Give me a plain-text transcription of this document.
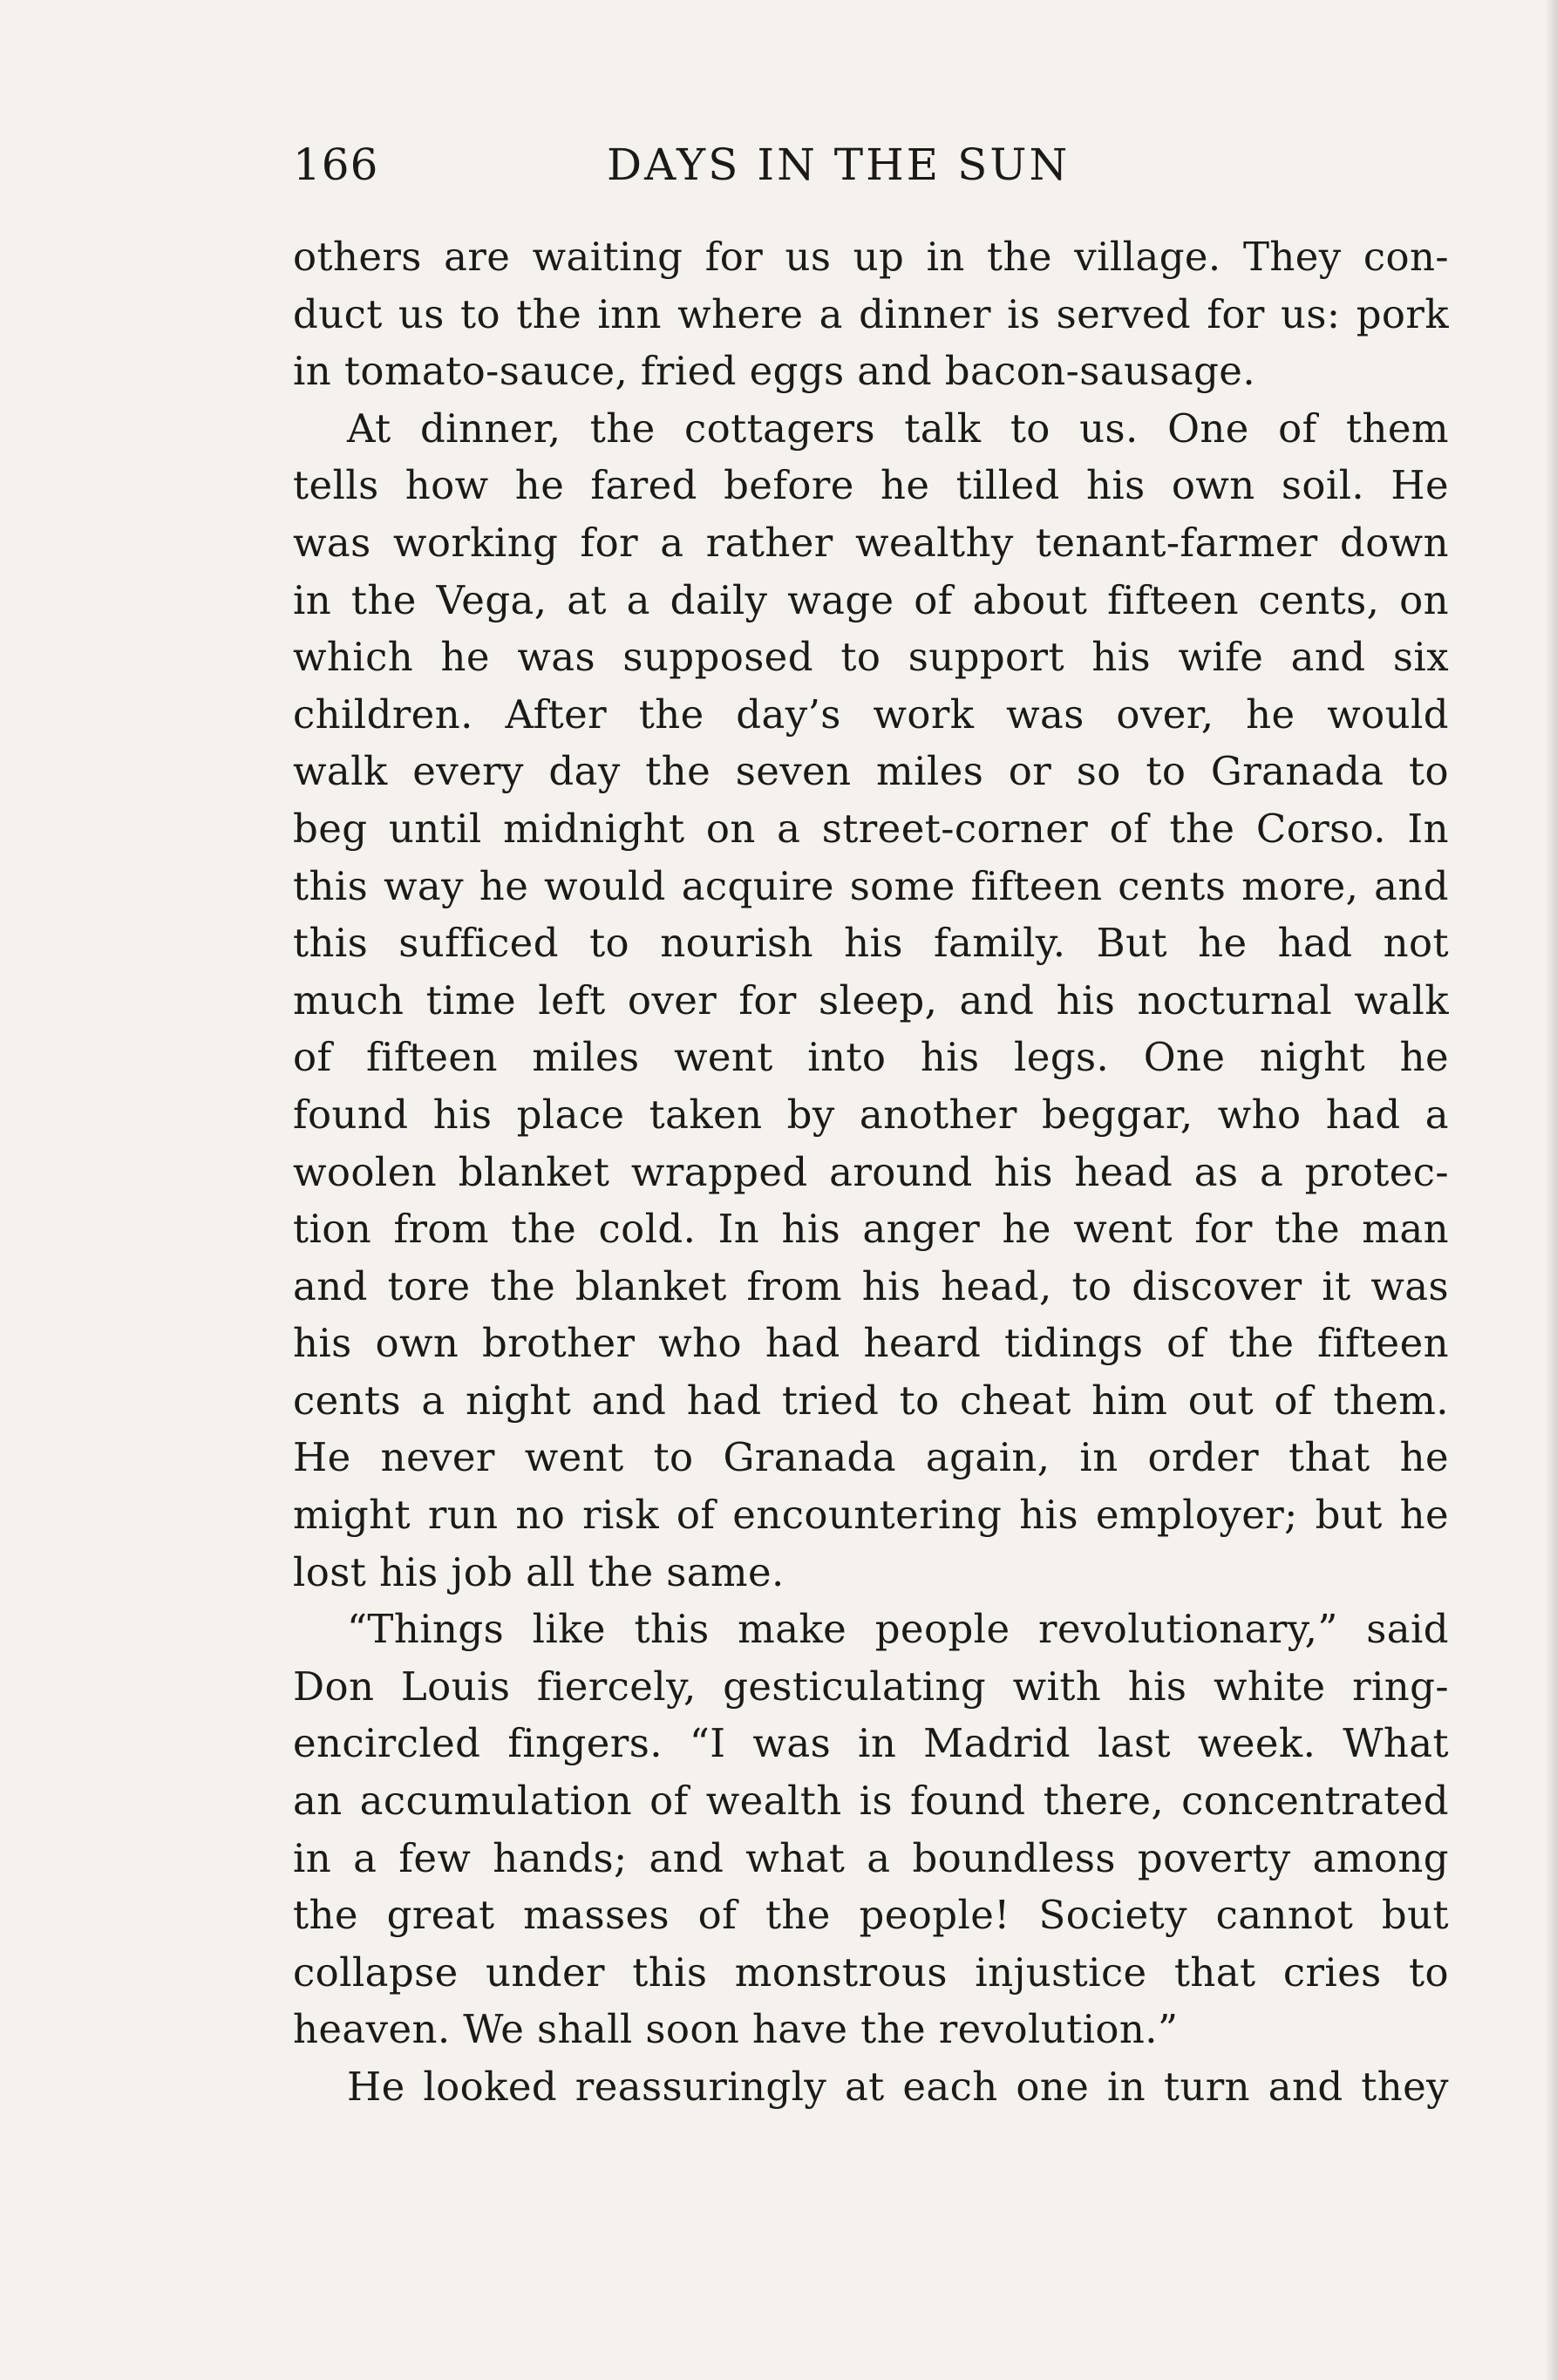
166	DAYS IN THE SUN
others are waiting for us up in the village. They con-
duct us to the inn where a dinner is served for us: pork
in tomato-sauce, fried eggs and bacon-sausage.
At dinner, the cottagers talk to us. One of them
tells how he fared before he tilled his own soil. He
was working for a rather wealthy tenant-farmer down
in the Vega, at a daily wage of about fifteen cents, on
which he was supposed to support his wife and six
children. After the day’s work was over, he would
walk every day the seven miles or so to Granada to
beg until midnight on a street-corner of the Corso. In
this way he would acquire some fifteen cents more, and
this sufficed to nourish his family. But he had not
much time left over for sleep, and his nocturnal walk
of fifteen miles went into his legs. One night he
found his place taken by another beggar, who had a
woolen blanket wrapped around his head as a protec-
tion from the cold. In his anger he went for the man
and tore the blanket from his head, to discover it was
his own brother who had heard tidings of the fifteen
cents a night and had tried to cheat him out of them.
He never went to Granada again, in order that he
might run no risk of encountering his employer; but he
lost his job all the same.
“Things like this make people revolutionary,” said
Don Louis fiercely, gesticulating with his white ring-
encircled fingers. “I was in Madrid last week. What
an accumulation of wealth is found there, concentrated
in a few hands; and what a boundless poverty among
the great masses of the people! Society cannot but
collapse under this monstrous injustice that cries to
heaven. We shall soon have the revolution.”
He looked reassuringly at each one in turn and they
